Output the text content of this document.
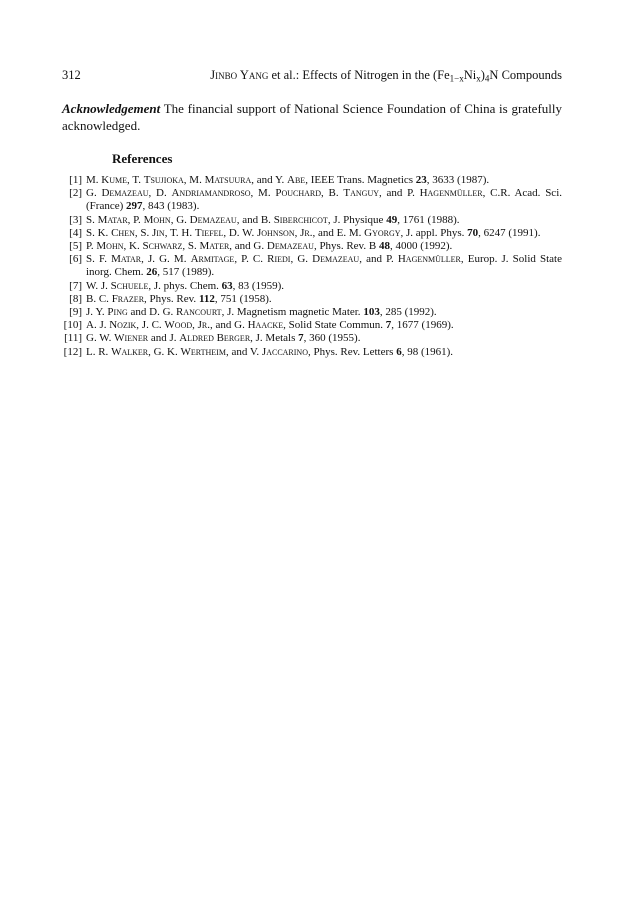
312	Jinbo Yang et al.: Effects of Nitrogen in the $(Fe_{1-x}Ni_x)_4N$ Compounds

Acknowledgement The financial support of National Science Foundation of China is gratefully acknowledged.

References
[1] M. Kume, T. Tsujioka, M. Matsuura, and Y. Abe, IEEE Trans. Magnetics 23, 3633 (1987).
[2] G. Demazeau, D. Andriamandroso, M. Pouchard, B. Tanguy, and P. Hagenmüller, C.R. Acad. Sci. (France) 297, 843 (1983).
[3] S. Matar, P. Mohn, G. Demazeau, and B. Siberchicot, J. Physique 49, 1761 (1988).
[4] S. K. Chen, S. Jin, T. H. Tiefel, D. W. Johnson, Jr., and E. M. Gyorgy, J. appl. Phys. 70, 6247 (1991).
[5] P. Mohn, K. Schwarz, S. Mater, and G. Demazeau, Phys. Rev. B 48, 4000 (1992).
[6] S. F. Matar, J. G. M. Armitage, P. C. Riedi, G. Demazeau, and P. Hagenmüller, Europ. J. Solid State inorg. Chem. 26, 517 (1989).
[7] W. J. Schuele, J. phys. Chem. 63, 83 (1959).
[8] B. C. Frazer, Phys. Rev. 112, 751 (1958).
[9] J. Y. Ping and D. G. Rancourt, J. Magnetism magnetic Mater. 103, 285 (1992).
[10] A. J. Nozik, J. C. Wood, Jr., and G. Haacke, Solid State Commun. 7, 1677 (1969).
[11] G. W. Wiener and J. Aldred Berger, J. Metals 7, 360 (1955).
[12] L. R. Walker, G. K. Wertheim, and V. Jaccarino, Phys. Rev. Letters 6, 98 (1961).
